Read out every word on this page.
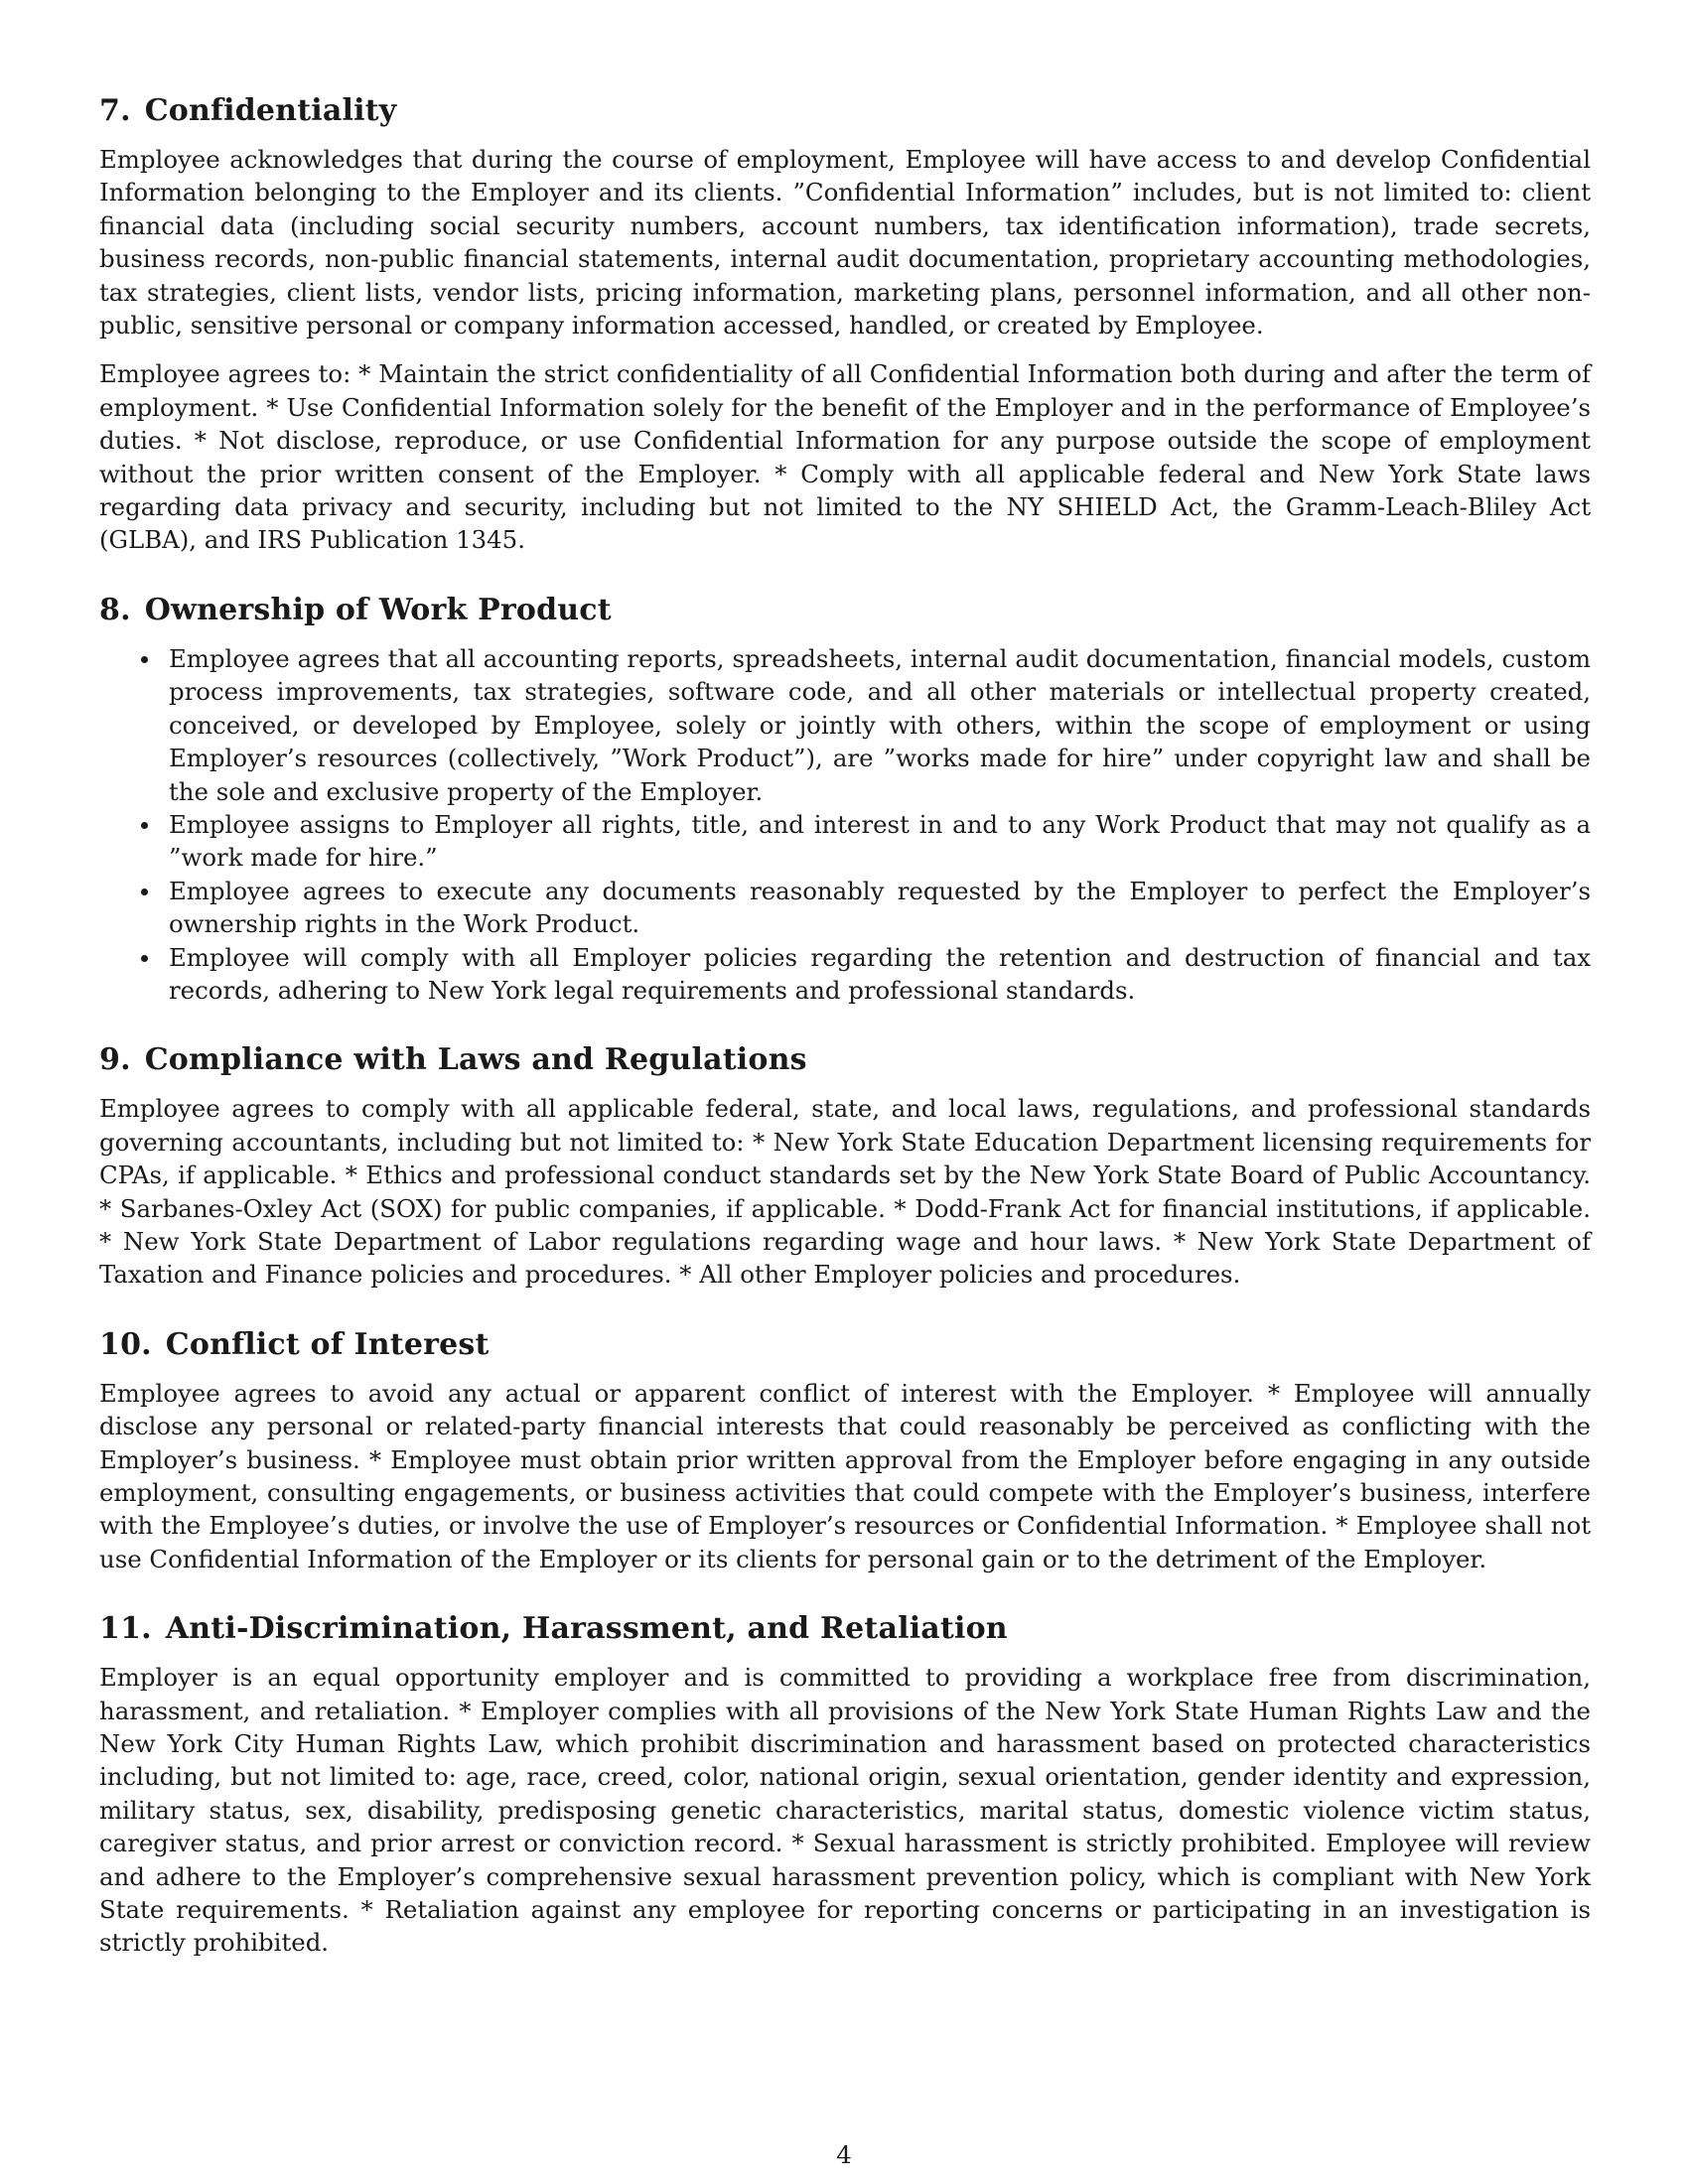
7. Confidentiality

Employee acknowledges that during the course of employment, Employee will have access to and develop Confidential Information belonging to the Employer and its clients. ”Confidential Information” includes, but is not limited to: client financial data (including social security numbers, account numbers, tax identification information), trade secrets, business records, non-public financial statements, internal audit documentation, proprietary accounting methodologies, tax strategies, client lists, vendor lists, pricing information, marketing plans, personnel information, and all other non-public, sensitive personal or company information accessed, handled, or created by Employee.

Employee agrees to: * Maintain the strict confidentiality of all Confidential Information both during and after the term of employment. * Use Confidential Information solely for the benefit of the Employer and in the performance of Employee’s duties. * Not disclose, reproduce, or use Confidential Information for any purpose outside the scope of employment without the prior written consent of the Employer. * Comply with all applicable federal and New York State laws regarding data privacy and security, including but not limited to the NY SHIELD Act, the Gramm-Leach-Bliley Act (GLBA), and IRS Publication 1345.

8. Ownership of Work Product
Employee agrees that all accounting reports, spreadsheets, internal audit documentation, financial models, custom process improvements, tax strategies, software code, and all other materials or intellectual property created, conceived, or developed by Employee, solely or jointly with others, within the scope of employment or using Employer’s resources (collectively, ”Work Product”), are ”works made for hire” under copyright law and shall be the sole and exclusive property of the Employer.
Employee assigns to Employer all rights, title, and interest in and to any Work Product that may not qualify as a ”work made for hire.”
Employee agrees to execute any documents reasonably requested by the Employer to perfect the Employer’s ownership rights in the Work Product.
Employee will comply with all Employer policies regarding the retention and destruction of financial and tax records, adhering to New York legal requirements and professional standards.
9. Compliance with Laws and Regulations

Employee agrees to comply with all applicable federal, state, and local laws, regulations, and professional standards governing accountants, including but not limited to: * New York State Education Department licensing requirements for CPAs, if applicable. * Ethics and professional conduct standards set by the New York State Board of Public Accountancy. * Sarbanes-Oxley Act (SOX) for public companies, if applicable. * Dodd-Frank Act for financial institutions, if applicable. * New York State Department of Labor regulations regarding wage and hour laws. * New York State Department of Taxation and Finance policies and procedures. * All other Employer policies and procedures.

10. Conflict of Interest

Employee agrees to avoid any actual or apparent conflict of interest with the Employer. * Employee will annually disclose any personal or related-party financial interests that could reasonably be perceived as conflicting with the Employer’s business. * Employee must obtain prior written approval from the Employer before engaging in any outside employment, consulting engagements, or business activities that could compete with the Employer’s business, interfere with the Employee’s duties, or involve the use of Employer’s resources or Confidential Information. * Employee shall not use Confidential Information of the Employer or its clients for personal gain or to the detriment of the Employer.

11. Anti-Discrimination, Harassment, and Retaliation

Employer is an equal opportunity employer and is committed to providing a workplace free from discrimination, harassment, and retaliation. * Employer complies with all provisions of the New York State Human Rights Law and the New York City Human Rights Law, which prohibit discrimination and harassment based on protected characteristics including, but not limited to: age, race, creed, color, national origin, sexual orientation, gender identity and expression, military status, sex, disability, predisposing genetic characteristics, marital status, domestic violence victim status, caregiver status, and prior arrest or conviction record. * Sexual harassment is strictly prohibited. Employee will review and adhere to the Employer’s comprehensive sexual harassment prevention policy, which is compliant with New York State requirements. * Retaliation against any employee for reporting concerns or participating in an investigation is strictly prohibited.

4
